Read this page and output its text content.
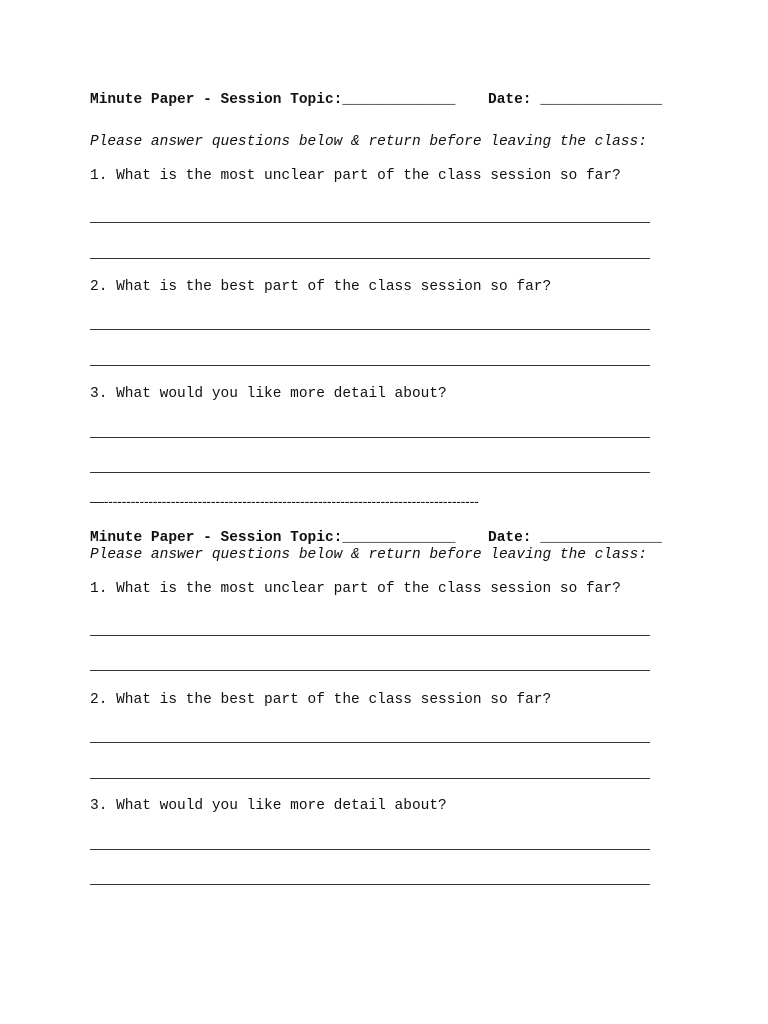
Minute Paper - Session Topic:_____________ Date: ______________
Please answer questions below & return before leaving the class:
1. What is the most unclear part of the class session so far?
2. What is the best part of the class session so far?
3. What would you like more detail about?
—------------------------------------------------------------------------------------
Minute Paper - Session Topic:_____________ Date: ______________
Please answer questions below & return before leaving the class:
1. What is the most unclear part of the class session so far?
2. What is the best part of the class session so far?
3. What would you like more detail about?
